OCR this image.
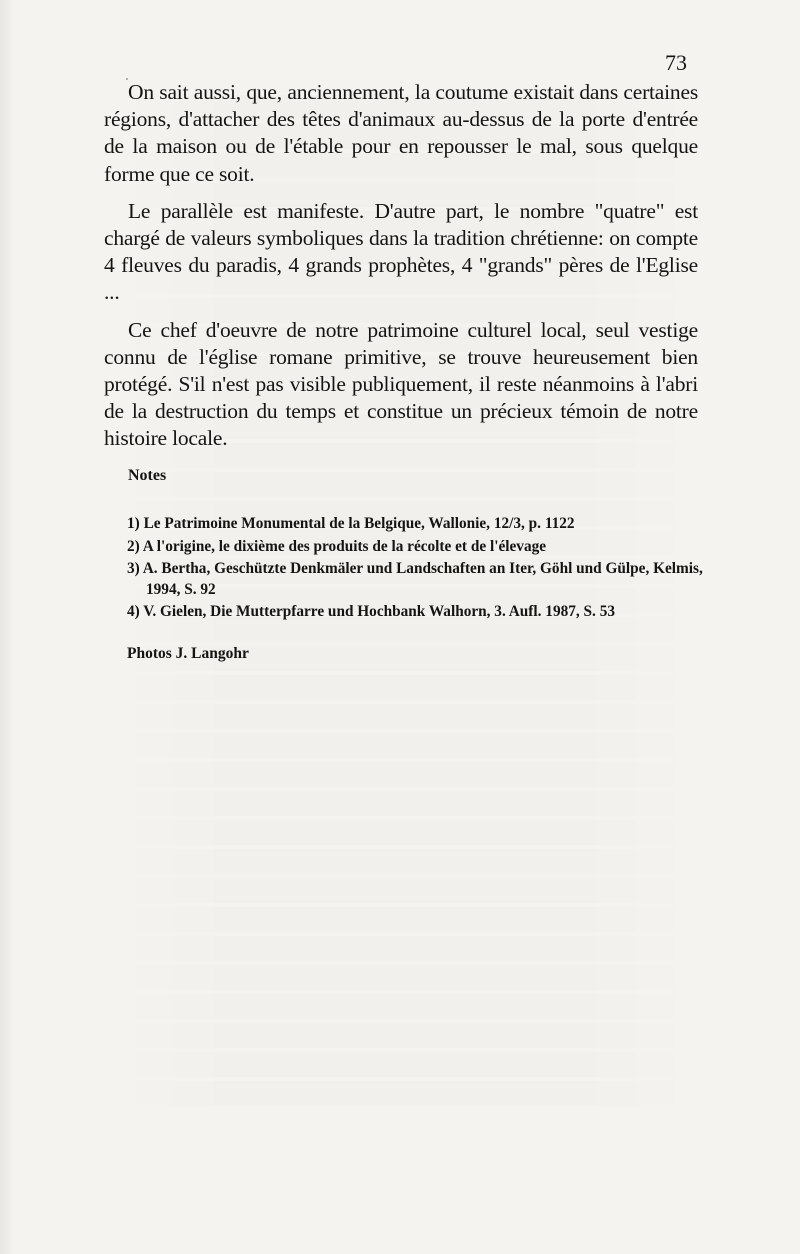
73

On sait aussi, que, anciennement, la coutume existait dans certaines régions, d'attacher des têtes d'animaux au-dessus de la porte d'entrée de la maison ou de l'étable pour en repousser le mal, sous quelque forme que ce soit.

Le parallèle est manifeste. D'autre part, le nombre "quatre" est chargé de valeurs symboliques dans la tradition chrétienne: on compte 4 fleuves du paradis, 4 grands prophètes, 4 "grands" pères de l'Eglise ...

Ce chef d'oeuvre de notre patrimoine culturel local, seul vestige connu de l'église romane primitive, se trouve heureusement bien protégé. S'il n'est pas visible publiquement, il reste néanmoins à l'abri de la destruction du temps et constitue un précieux témoin de notre histoire locale.

Notes

1) Le Patrimoine Monumental de la Belgique, Wallonie, 12/3, p. 1122

2) A l'origine, le dixième des produits de la récolte et de l'élevage

3) A. Bertha, Geschützte Denkmäler und Landschaften an Iter, Göhl und Gülpe, Kelmis, 1994, S. 92

4) V. Gielen, Die Mutterpfarre und Hochbank Walhorn, 3. Aufl. 1987, S. 53

Photos J. Langohr
